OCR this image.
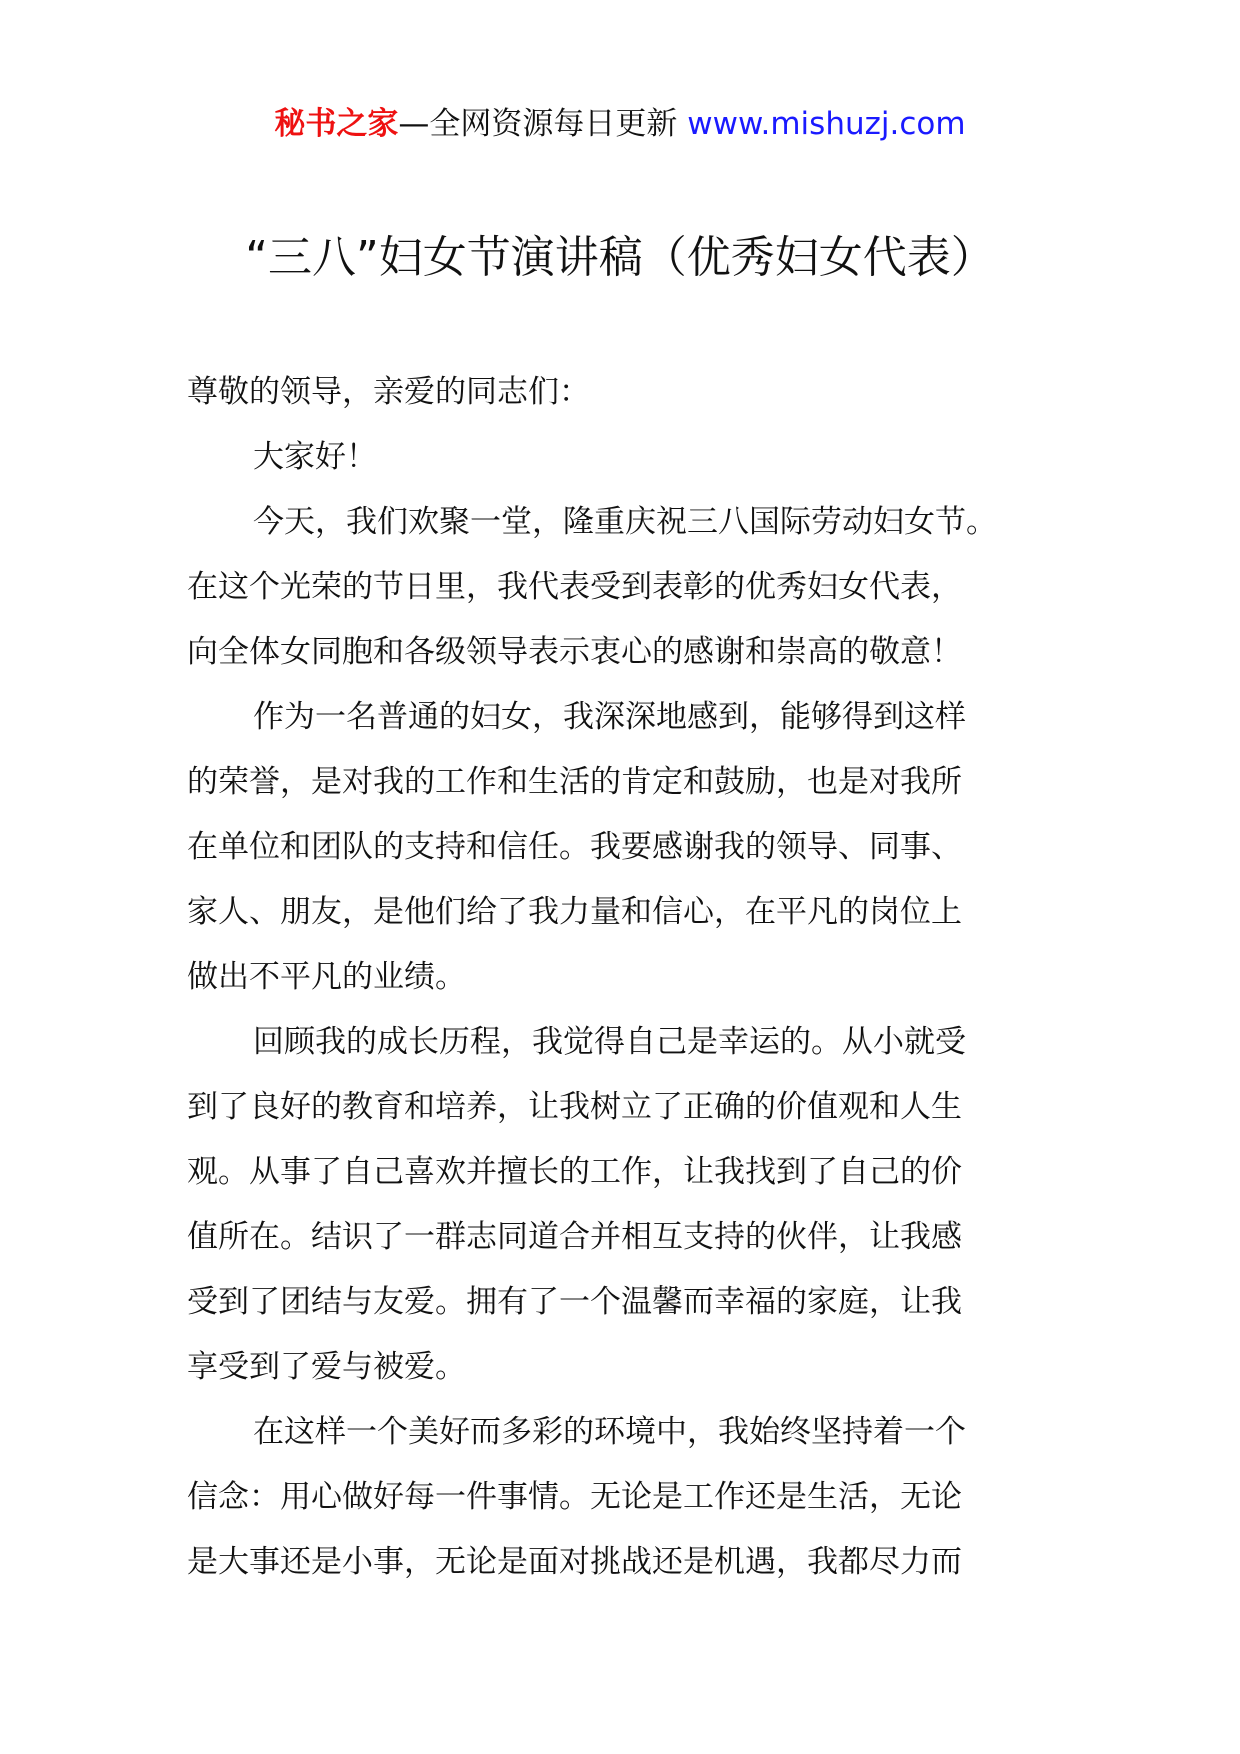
秘书之家—全网资源每日更新 www.mishuzj.com
“三八”妇女节演讲稿（优秀妇女代表）
尊敬的领导，亲爱的同志们：
大家好！
今天，我们欢聚一堂，隆重庆祝三八国际劳动妇女节。
在这个光荣的节日里，我代表受到表彰的优秀妇女代表，
向全体女同胞和各级领导表示衷心的感谢和崇高的敬意！
作为一名普通的妇女，我深深地感到，能够得到这样
的荣誉，是对我的工作和生活的肯定和鼓励，也是对我所
在单位和团队的支持和信任。我要感谢我的领导、同事、
家人、朋友，是他们给了我力量和信心，在平凡的岗位上
做出不平凡的业绩。
回顾我的成长历程，我觉得自己是幸运的。从小就受
到了良好的教育和培养，让我树立了正确的价值观和人生
观。从事了自己喜欢并擅长的工作，让我找到了自己的价
值所在。结识了一群志同道合并相互支持的伙伴，让我感
受到了团结与友爱。拥有了一个温馨而幸福的家庭，让我
享受到了爱与被爱。
在这样一个美好而多彩的环境中，我始终坚持着一个
信念：用心做好每一件事情。无论是工作还是生活，无论
是大事还是小事，无论是面对挑战还是机遇，我都尽力而
